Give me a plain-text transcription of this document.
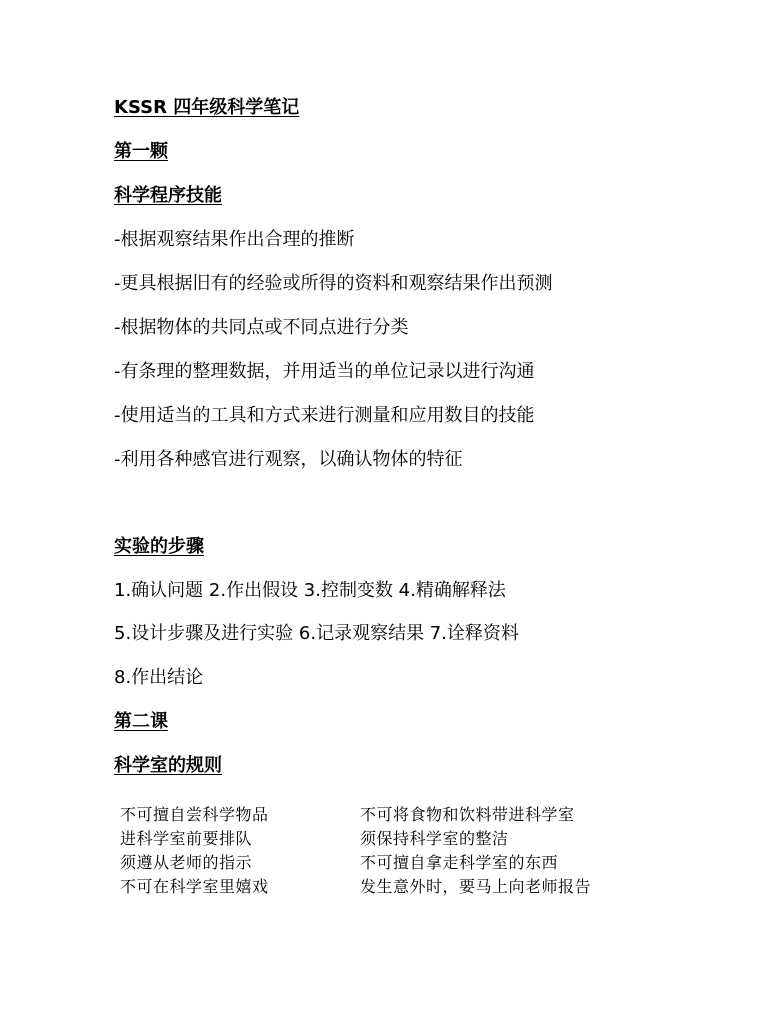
KSSR 四年级科学笔记
第一颗
科学程序技能
-根据观察结果作出合理的推断
-更具根据旧有的经验或所得的资料和观察结果作出预测
-根据物体的共同点或不同点进行分类
-有条理的整理数据，并用适当的单位记录以进行沟通
-使用适当的工具和方式来进行测量和应用数目的技能
-利用各种感官进行观察，以确认物体的特征
实验的步骤
1.确认问题 2.作出假设 3.控制变数 4.精确解释法
5.设计步骤及进行实验 6.记录观察结果 7.诠释资料
8.作出结论
第二课
科学室的规则
不可擅自尝科学物品
进科学室前要排队
须遵从老师的指示
不可在科学室里嬉戏
不可将食物和饮料带进科学室
须保持科学室的整洁
不可擅自拿走科学室的东西
发生意外时，要马上向老师报告
